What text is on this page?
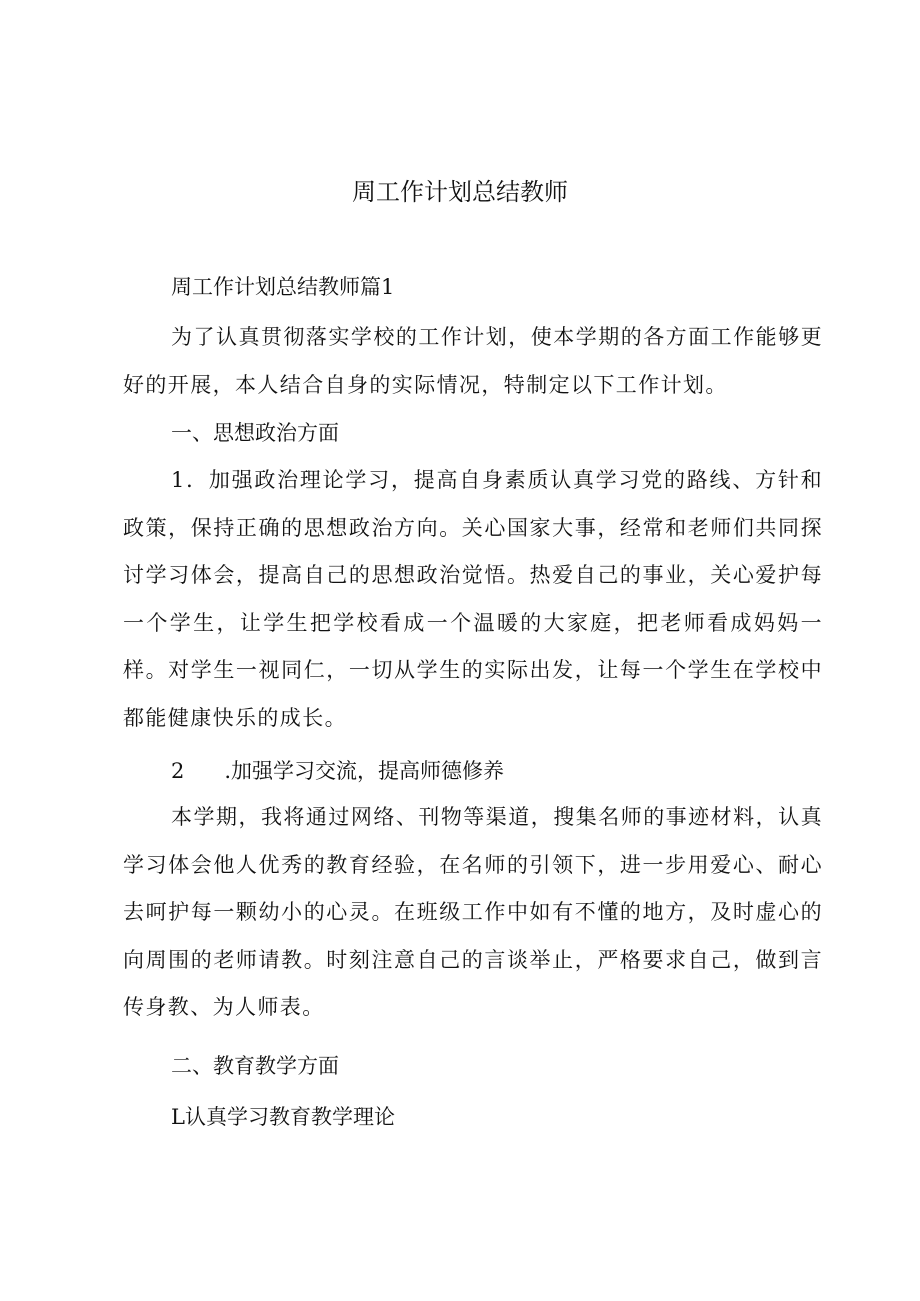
周工作计划总结教师

周工作计划总结教师篇1

为了认真贯彻落实学校的工作计划，使本学期的各方面工作能够更好的开展，本人结合自身的实际情况，特制定以下工作计划。

一、思想政治方面

1．加强政治理论学习，提高自身素质认真学习党的路线、方针和政策，保持正确的思想政治方向。关心国家大事，经常和老师们共同探讨学习体会，提高自己的思想政治觉悟。热爱自己的事业，关心爱护每一个学生，让学生把学校看成一个温暖的大家庭，把老师看成妈妈一样。对学生一视同仁，一切从学生的实际出发，让每一个学生在学校中都能健康快乐的成长。

2 .加强学习交流，提高师德修养

本学期，我将通过网络、刊物等渠道，搜集名师的事迹材料，认真学习体会他人优秀的教育经验，在名师的引领下，进一步用爱心、耐心去呵护每一颗幼小的心灵。在班级工作中如有不懂的地方，及时虚心的向周围的老师请教。时刻注意自己的言谈举止，严格要求自己，做到言传身教、为人师表。

二、教育教学方面

L认真学习教育教学理论
